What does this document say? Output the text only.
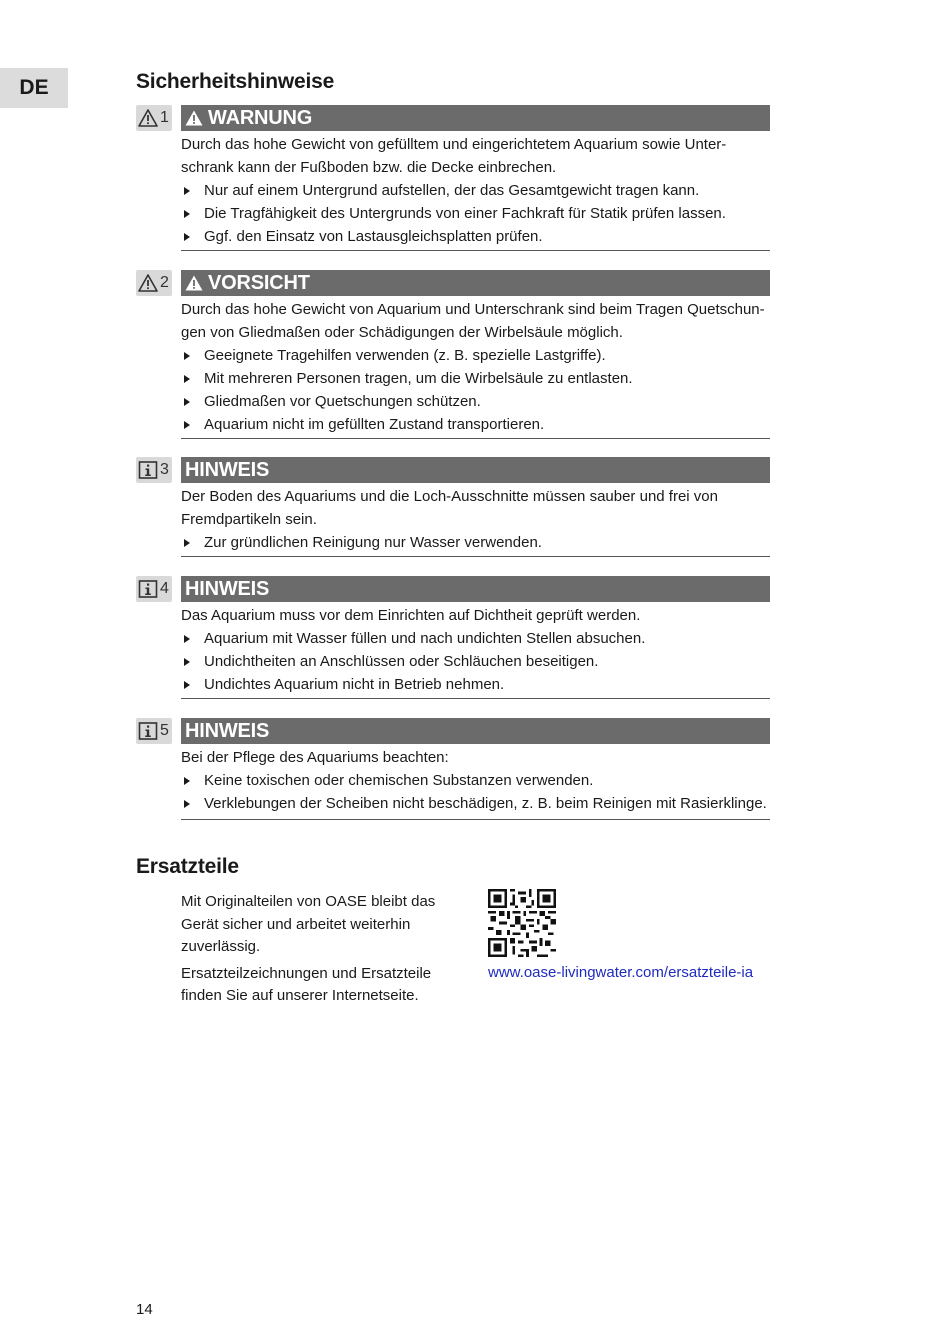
DE	Sicherheitshinweise
1 WARNUNG

Durch das hohe Gewicht von gefülltem und eingerichtetem Aquarium sowie Unter-schrank kann der Fußboden bzw. die Decke einbrechen.

Nur auf einem Untergrund aufstellen, der das Gesamtgewicht tragen kann.
Die Tragfähigkeit des Untergrunds von einer Fachkraft für Statik prüfen lassen.
Ggf. den Einsatz von Lastausgleichsplatten prüfen.
2 VORSICHT

Durch das hohe Gewicht von Aquarium und Unterschrank sind beim Tragen Quetschun-gen von Gliedmaßen oder Schädigungen der Wirbelsäule möglich.

Geeignete Tragehilfen verwenden (z. B. spezielle Lastgriffe).
Mit mehreren Personen tragen, um die Wirbelsäule zu entlasten.
Gliedmaßen vor Quetschungen schützen.
Aquarium nicht im gefüllten Zustand transportieren.
3 HINWEIS

Der Boden des Aquariums und die Loch-Ausschnitte müssen sauber und frei von Fremdpartikeln sein.

Zur gründlichen Reinigung nur Wasser verwenden.
4 HINWEIS

Das Aquarium muss vor dem Einrichten auf Dichtheit geprüft werden.

Aquarium mit Wasser füllen und nach undichten Stellen absuchen.
Undichtheiten an Anschlüssen oder Schläuchen beseitigen.
Undichtes Aquarium nicht in Betrieb nehmen.
5 HINWEIS

Bei der Pflege des Aquariums beachten:

Keine toxischen oder chemischen Substanzen verwenden.
Verklebungen der Scheiben nicht beschädigen, z. B. beim Reinigen mit Rasierklinge.
Ersatzteile

Mit Originalteilen von OASE bleibt das Gerät sicher und arbeitet weiterhin zuverlässig.

Ersatzteilzeichnungen und Ersatzteile finden Sie auf unserer Internetseite.

www.oase-livingwater.com/ersatzteile-ia
14
